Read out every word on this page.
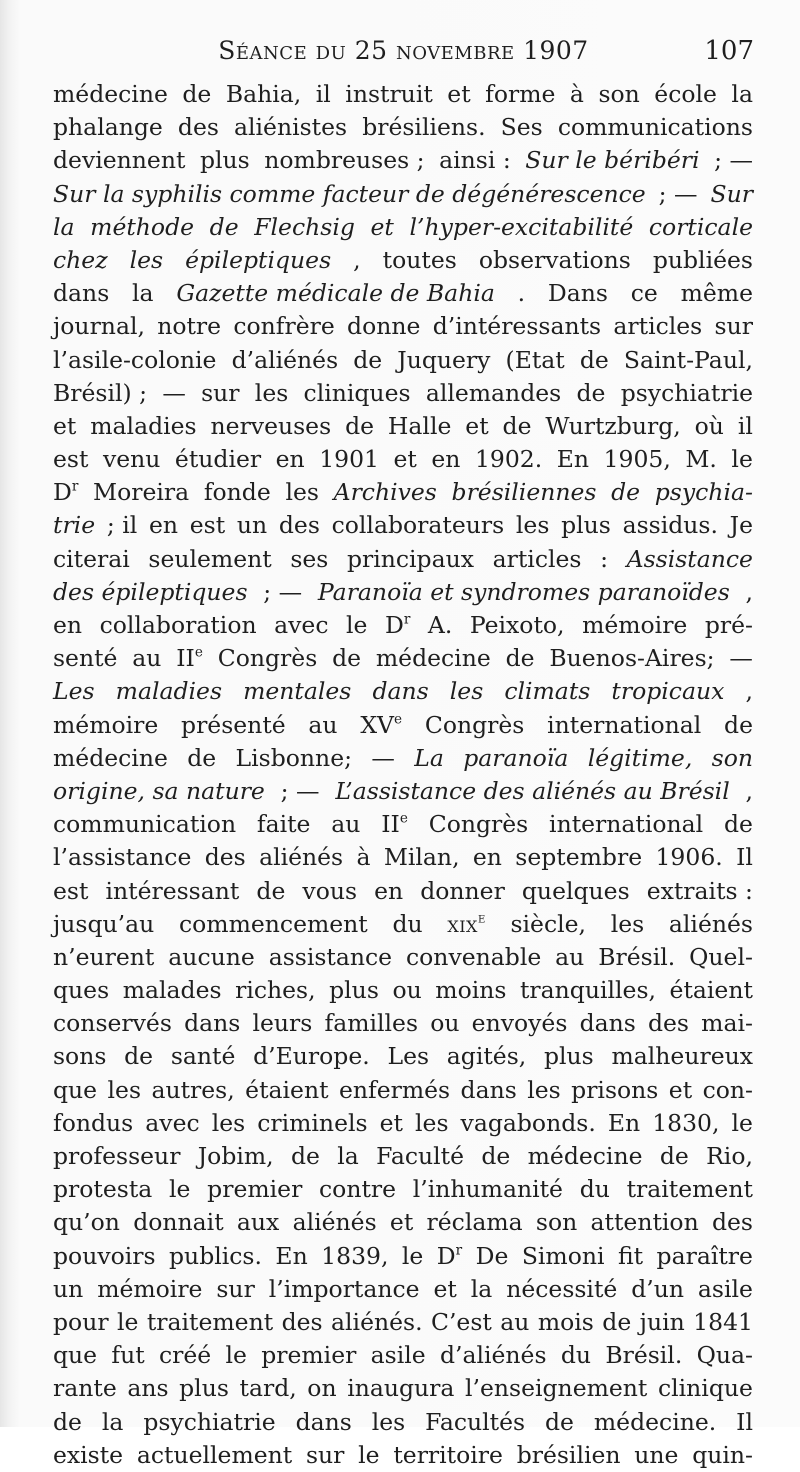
Séance du 25 novembre 1907	107
médecine de Bahia, il instruit et forme à son école la
phalange des aliénistes brésiliens. Ses communications
deviennent plus nombreuses ; ainsi : Sur le béribéri ; —
Sur la syphilis comme facteur de dégénérescence ; — Sur
la méthode de Flechsig et l’hyper-excitabilité corticale
chez les épileptiques , toutes observations publiées
dans la Gazette médicale de Bahia . Dans ce même
journal, notre confrère donne d’intéressants articles sur
l’asile-colonie d’aliénés de Juquery (Etat de Saint-Paul,
Brésil) ; — sur les cliniques allemandes de psychiatrie
et maladies nerveuses de Halle et de Wurtzburg, où il
est venu étudier en 1901 et en 1902. En 1905, M. le
$D^r$ Moreira fonde les Archives brésiliennes de psychia-
trie ; il en est un des collaborateurs les plus assidus. Je
citerai seulement ses principaux articles : Assistance
des épileptiques ; — Paranoïa et syndromes paranoïdes ,
en collaboration avec le $D^r$ A. Peixoto, mémoire pré-
senté au IIe Congrès de médecine de Buenos-Aires; —
Les maladies mentales dans les climats tropicaux ,
mémoire présenté au XVe Congrès international de
médecine de Lisbonne; — La paranoïa légitime, son
origine, sa nature ; — L’assistance des aliénés au Brésil ,
communication faite au IIe Congrès international de
l’assistance des aliénés à Milan, en septembre 1906. Il
est intéressant de vous en donner quelques extraits :
jusqu’au commencement du xix$^e$ siècle, les aliénés
n’eurent aucune assistance convenable au Brésil. Quel-
ques malades riches, plus ou moins tranquilles, étaient
conservés dans leurs familles ou envoyés dans des mai-
sons de santé d’Europe. Les agités, plus malheureux
que les autres, étaient enfermés dans les prisons et con-
fondus avec les criminels et les vagabonds. En 1830, le
professeur Jobim, de la Faculté de médecine de Rio,
protesta le premier contre l’inhumanité du traitement
qu’on donnait aux aliénés et réclama son attention des
pouvoirs publics. En 1839, le $D^r$ De Simoni fit paraître
un mémoire sur l’importance et la nécessité d’un asile
pour le traitement des aliénés. C’est au mois de juin 1841
que fut créé le premier asile d’aliénés du Brésil. Qua-
rante ans plus tard, on inaugura l’enseignement clinique
de la psychiatrie dans les Facultés de médecine. Il
existe actuellement sur le territoire brésilien une quin-
